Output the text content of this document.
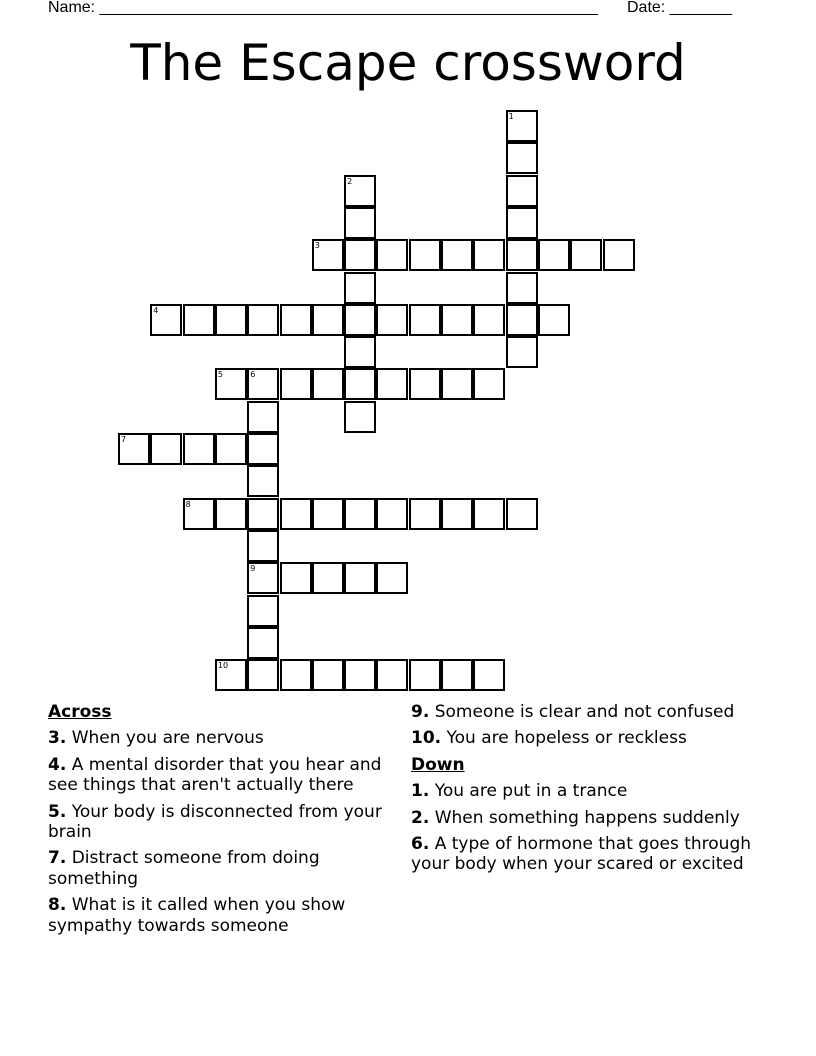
Name: ________________________________________________________ Date: _______
The Escape crossword
1
2
3
4
5	6
7
8
9
10
Across
3. When you are nervous
4. A mental disorder that you hear and see things that aren't actually there
5. Your body is disconnected from your brain
7. Distract someone from doing something
8. What is it called when you show sympathy towards someone
9. Someone is clear and not confused
10. You are hopeless or reckless
Down
1. You are put in a trance
2. When something happens suddenly
6. A type of hormone that goes through your body when your scared or excited
